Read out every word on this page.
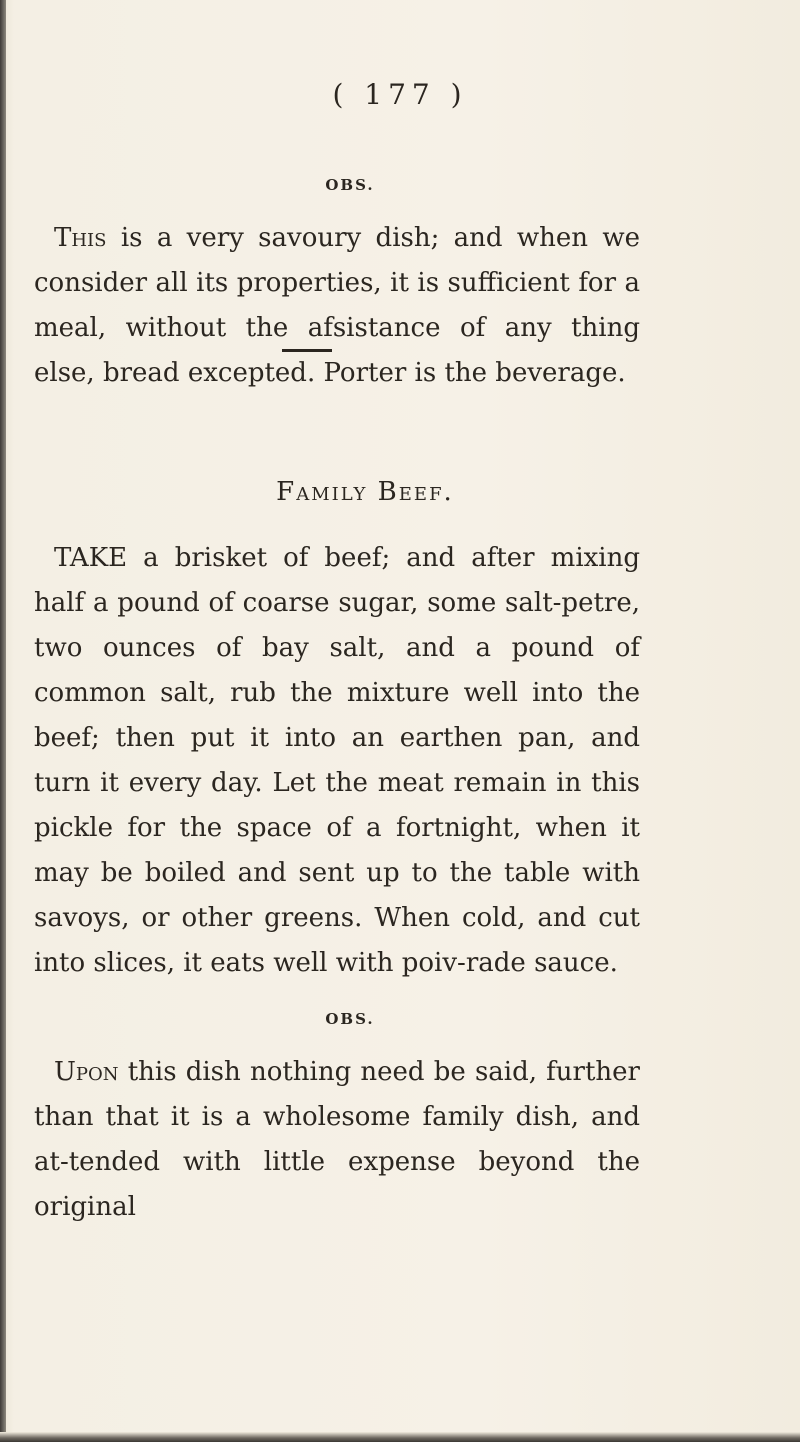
( 177 )
OBS.

This is a very savoury dish; and when we consider all its properties, it is sufficient for a meal, without the afsistance of any thing else, bread excepted. Porter is the beverage.

Family Beef.

TAKE a brisket of beef; and after mixing half a pound of coarse sugar, some salt-petre, two ounces of bay salt, and a pound of common salt, rub the mixture well into the beef; then put it into an earthen pan, and turn it every day. Let the meat remain in this pickle for the space of a fortnight, when it may be boiled and sent up to the table with savoys, or other greens. When cold, and cut into slices, it eats well with poiv-rade sauce.

OBS.

Upon this dish nothing need be said, further than that it is a wholesome family dish, and at-tended with little expense beyond the original
